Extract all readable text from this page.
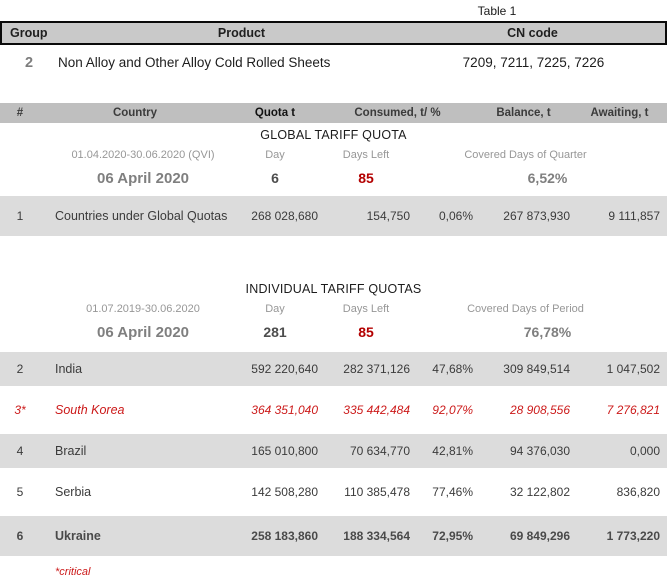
Table 1
Group	Product	CN code
2	Non Alloy and Other Alloy Cold Rolled Sheets	7209, 7211, 7225, 7226
#	Country	Quota t	Consumed, t/ %	Balance, t	Awaiting, t
GLOBAL TARIFF QUOTA
01.04.2020-30.06.2020 (QVI)	Day	Days Left	Covered Days of Quarter
06 April 2020	6	85	6,52%
1	Countries under Global Quotas	268 028,680	154,750	0,06%	267 873,930	9 111,857
INDIVIDUAL TARIFF QUOTAS
01.07.2019-30.06.2020	Day	Days Left	Covered Days of Period
06 April 2020	281	85	76,78%
2	India	592 220,640	282 371,126	47,68%	309 849,514	1 047,502
3*	South Korea	364 351,040	335 442,484	92,07%	28 908,556	7 276,821
4	Brazil	165 010,800	70 634,770	42,81%	94 376,030	0,000
5	Serbia	142 508,280	110 385,478	77,46%	32 122,802	836,820
6	Ukraine	258 183,860	188 334,564	72,95%	69 849,296	1 773,220
*critical
